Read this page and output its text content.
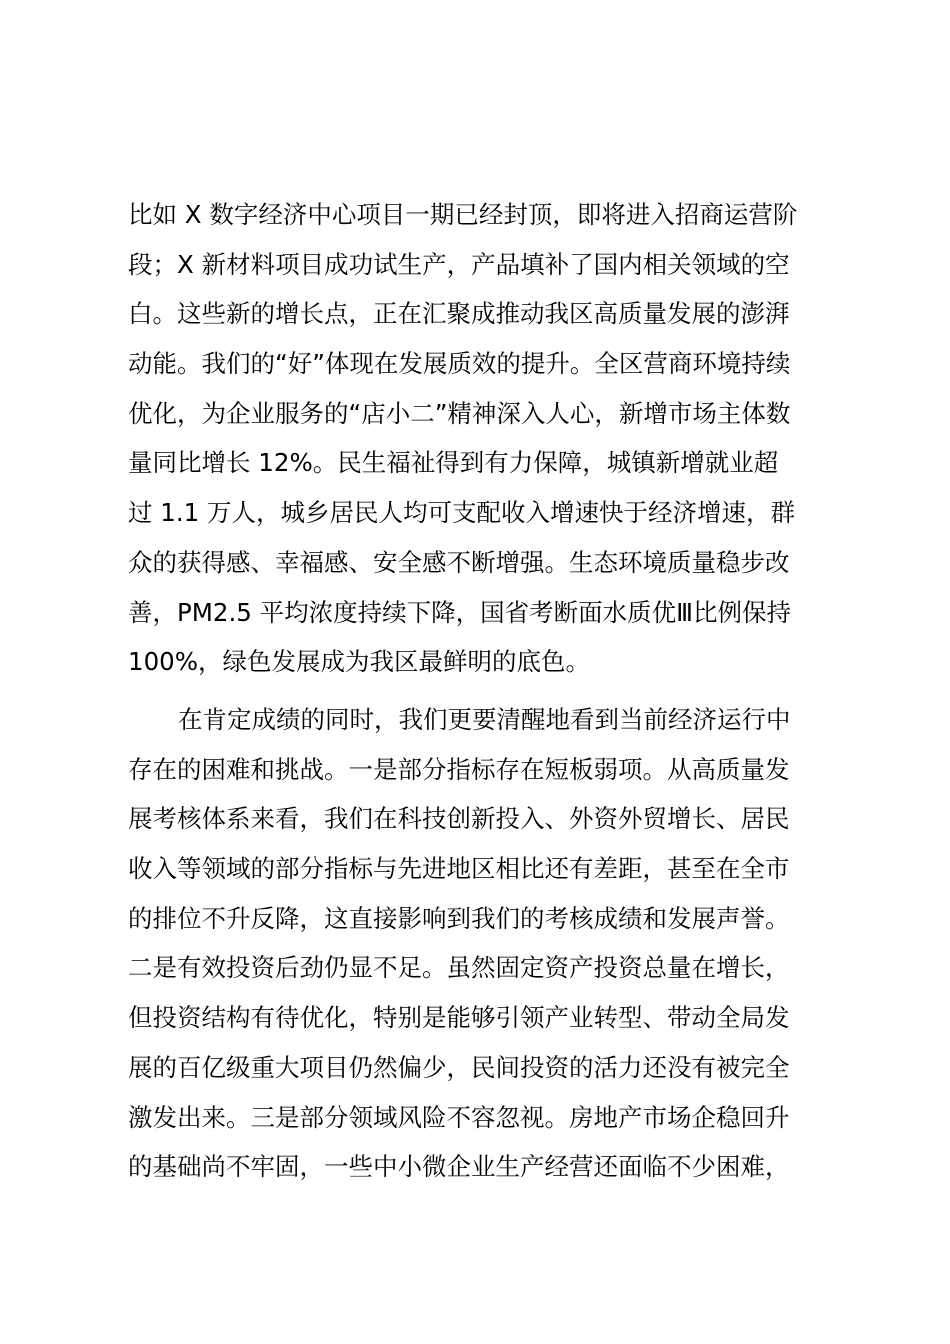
比如 X 数字经济中心项目一期已经封顶，即将进入招商运营阶
段；X 新材料项目成功试生产，产品填补了国内相关领域的空
白。这些新的增长点，正在汇聚成推动我区高质量发展的澎湃
动能。我们的“好”体现在发展质效的提升。全区营商环境持续
优化，为企业服务的“店小二”精神深入人心，新增市场主体数
量同比增长 12%。民生福祉得到有力保障，城镇新增就业超
过 1.1 万人，城乡居民人均可支配收入增速快于经济增速，群
众的获得感、幸福感、安全感不断增强。生态环境质量稳步改
善，PM2.5 平均浓度持续下降，国省考断面水质优Ⅲ比例保持
100%，绿色发展成为我区最鲜明的底色。
在肯定成绩的同时，我们更要清醒地看到当前经济运行中
存在的困难和挑战。一是部分指标存在短板弱项。从高质量发
展考核体系来看，我们在科技创新投入、外资外贸增长、居民
收入等领域的部分指标与先进地区相比还有差距，甚至在全市
的排位不升反降，这直接影响到我们的考核成绩和发展声誉。
二是有效投资后劲仍显不足。虽然固定资产投资总量在增长，
但投资结构有待优化，特别是能够引领产业转型、带动全局发
展的百亿级重大项目仍然偏少，民间投资的活力还没有被完全
激发出来。三是部分领域风险不容忽视。房地产市场企稳回升
的基础尚不牢固，一些中小微企业生产经营还面临不少困难，
